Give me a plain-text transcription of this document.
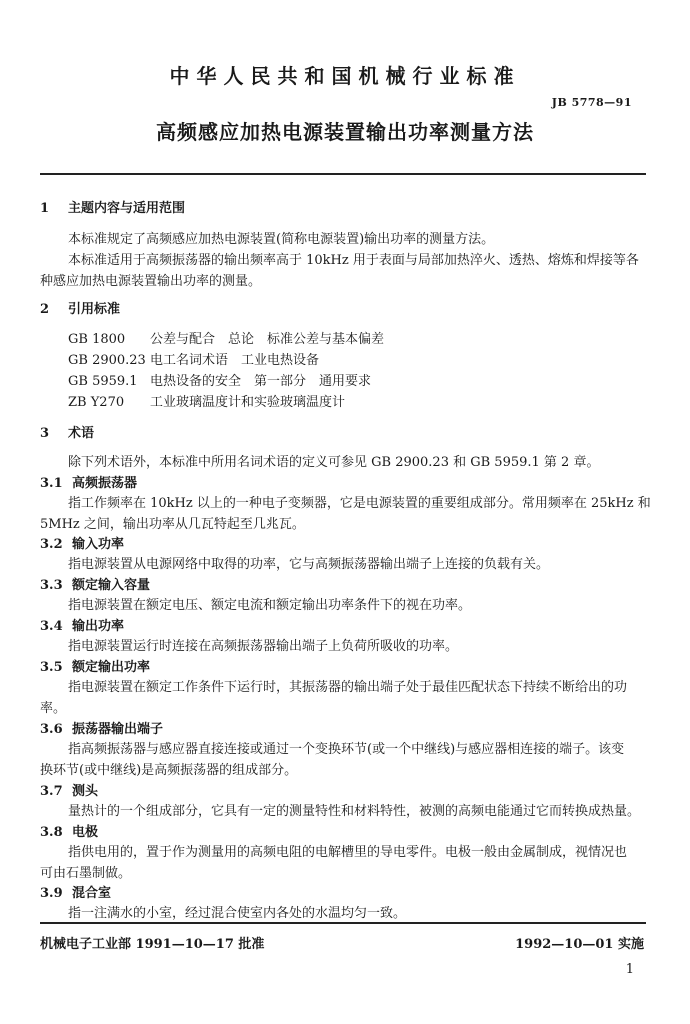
中华人民共和国机械行业标准
JB 5778—91
高频感应加热电源装置输出功率测量方法
1 主题内容与适用范围
本标准规定了高频感应加热电源装置(简称电源装置)输出功率的测量方法。
本标准适用于高频振荡器的输出频率高于 10kHz 用于表面与局部加热淬火、透热、熔炼和焊接等各
种感应加热电源装置输出功率的测量。
2 引用标准
GB 1800 公差与配合　总论　标准公差与基本偏差
GB 2900.23 电工名词术语　工业电热设备
GB 5959.1 电热设备的安全　第一部分　通用要求
ZB Y270 工业玻璃温度计和实验玻璃温度计
3 术语
除下列术语外，本标准中所用名词术语的定义可参见 GB 2900.23 和 GB 5959.1 第 2 章。
3.1 高频振荡器
指工作频率在 10kHz 以上的一种电子变频器，它是电源装置的重要组成部分。常用频率在 25kHz 和
5MHz 之间，输出功率从几瓦特起至几兆瓦。
3.2 输入功率
指电源装置从电源网络中取得的功率，它与高频振荡器输出端子上连接的负载有关。
3.3 额定输入容量
指电源装置在额定电压、额定电流和额定输出功率条件下的视在功率。
3.4 输出功率
指电源装置运行时连接在高频振荡器输出端子上负荷所吸收的功率。
3.5 额定输出功率
指电源装置在额定工作条件下运行时，其振荡器的输出端子处于最佳匹配状态下持续不断给出的功
率。
3.6 振荡器输出端子
指高频振荡器与感应器直接连接或通过一个变换环节(或一个中继线)与感应器相连接的端子。该变
换环节(或中继线)是高频振荡器的组成部分。
3.7 测头
量热计的一个组成部分，它具有一定的测量特性和材料特性，被测的高频电能通过它而转换成热量。
3.8 电极
指供电用的，置于作为测量用的高频电阻的电解槽里的导电零件。电极一般由金属制成，视情况也
可由石墨制做。
3.9 混合室
指一注满水的小室，经过混合使室内各处的水温均匀一致。
机械电子工业部 1991—10—17 批准	1992—10—01 实施
1
